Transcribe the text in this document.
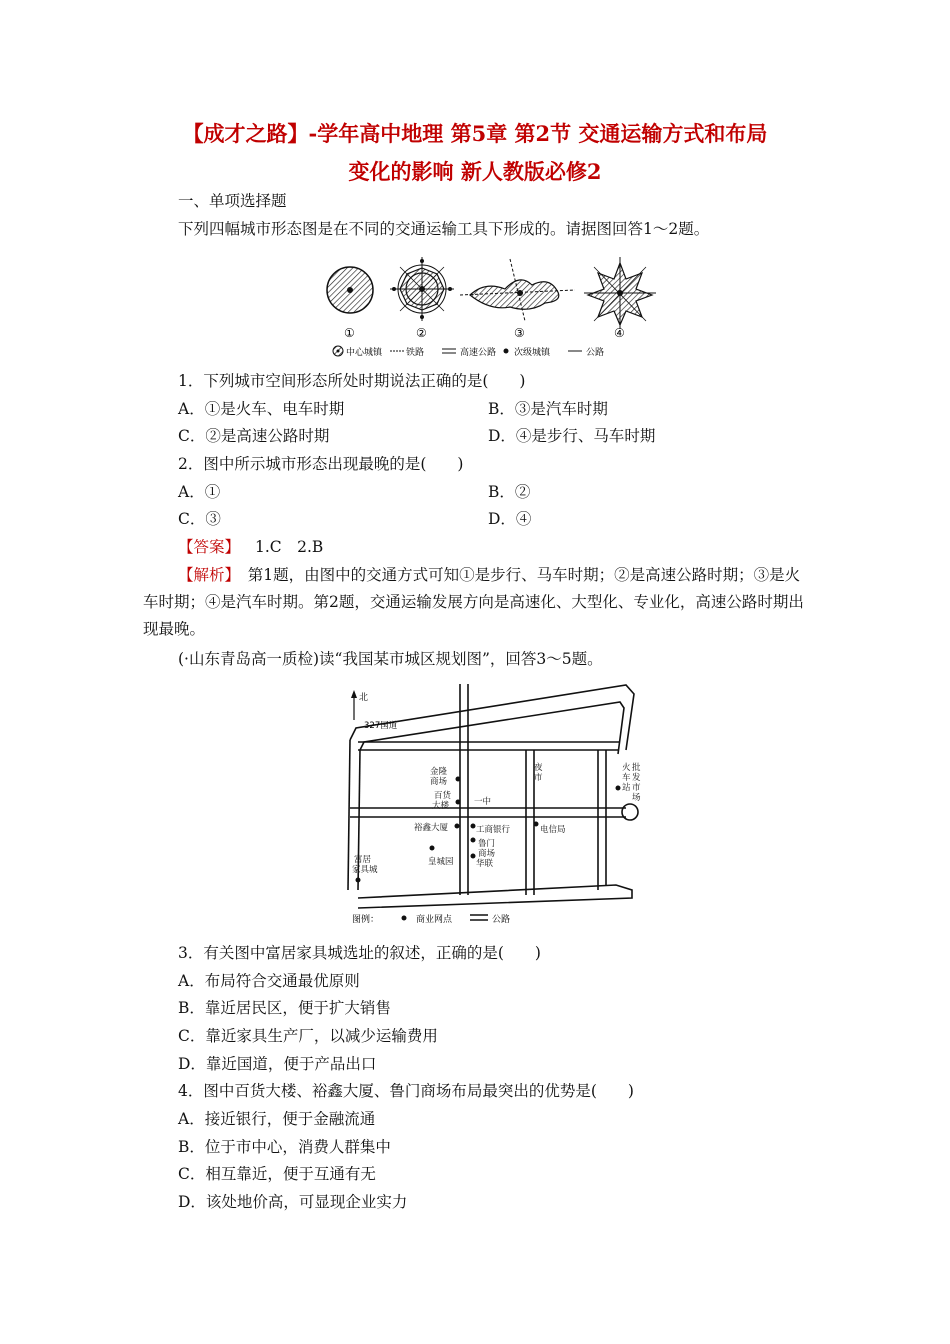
【成才之路】-学年高中地理 第5章 第2节 交通运输方式和布局
变化的影响 新人教版必修2
一、单项选择题
下列四幅城市形态图是在不同的交通运输工具下形成的。请据图回答1～2题。
①	②	③	④
中心城镇	铁路	高速公路 次级城镇	公路
1．下列城市空间形态所处时期说法正确的是(　　)
A．①是火车、电车时期	B．③是汽车时期
C．②是高速公路时期	D．④是步行、马车时期
2．图中所示城市形态出现最晚的是(　　)
A．①	B．②
C．③	D．④
【答案】 1.C　2.B
【解析】　 第1题，由图中的交通方式可知①是步行、马车时期；②是高速公路时期；③是火车时期；④是汽车时期。第2题，交通运输发展方向是高速化、大型化、专业化，高速公路时期出现最晚。
(·山东青岛高一质检)读“我国某市城区规划图”，回答3～5题。
北
327国道
金隆
商场
百货
大楼	一中
夜
市
火
车
站
批
发
市
场
裕鑫大厦	工商银行
鲁门
商场
电信局
皇城园	华联
富居
家具城
图例：	商业网点	公路
3．有关图中富居家具城选址的叙述，正确的是(　　)
A．布局符合交通最优原则
B．靠近居民区，便于扩大销售
C．靠近家具生产厂，以减少运输费用
D．靠近国道，便于产品出口
4．图中百货大楼、裕鑫大厦、鲁门商场布局最突出的优势是(　　)
A．接近银行，便于金融流通
B．位于市中心，消费人群集中
C．相互靠近，便于互通有无
D．该处地价高，可显现企业实力
